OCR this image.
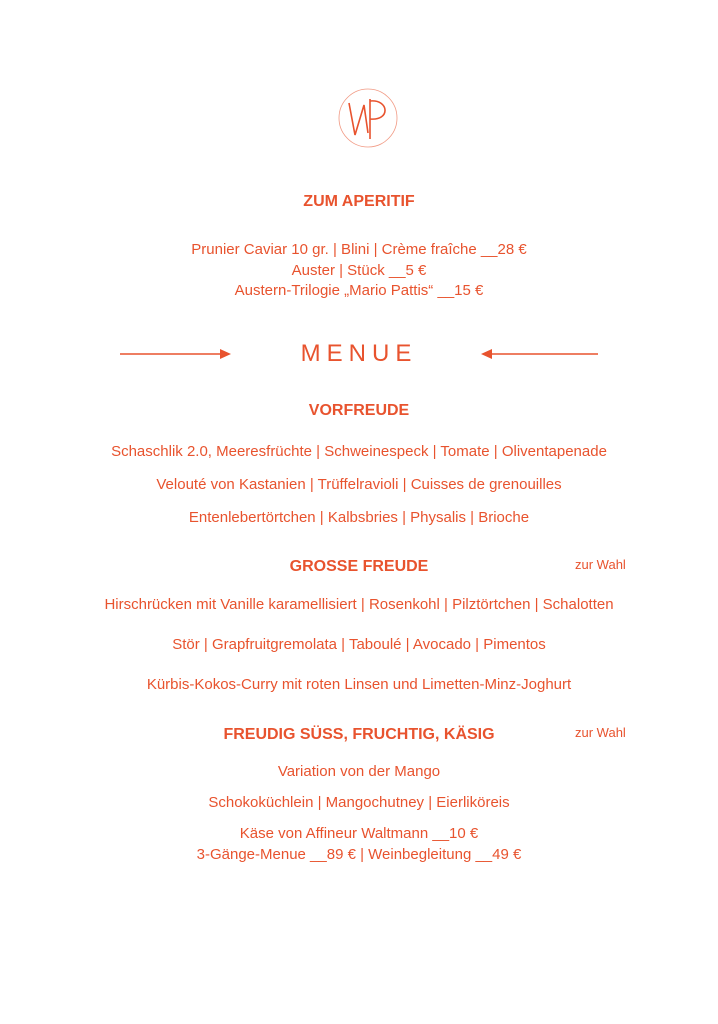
ZUM APERITIF
Prunier Caviar 10 gr. | Blini | Crème fraîche __28 €
Auster | Stück __5 €
Austern-Trilogie „Mario Pattis“ __15 €
MENUE
VORFREUDE
Schaschlik 2.0, Meeresfrüchte | Schweinespeck | Tomate | Oliventapenade
Velouté von Kastanien | Trüffelravioli | Cuisses de grenouilles
Entenlebertörtchen | Kalbsbries | Physalis | Brioche
GROSSE FREUDE	zur Wahl
Hirschrücken mit Vanille karamellisiert | Rosenkohl | Pilztörtchen | Schalotten
Stör | Grapfruitgremolata | Taboulé | Avocado | Pimentos
Kürbis-Kokos-Curry mit roten Linsen und Limetten-Minz-Joghurt
FREUDIG SÜSS, FRUCHTIG, KÄSIG	zur Wahl
Variation von der Mango
Schokoküchlein | Mangochutney | Eierlikörеis
Käse von Affineur Waltmann __10 €
3-Gänge-Menue __89 € | Weinbegleitung __49 €
